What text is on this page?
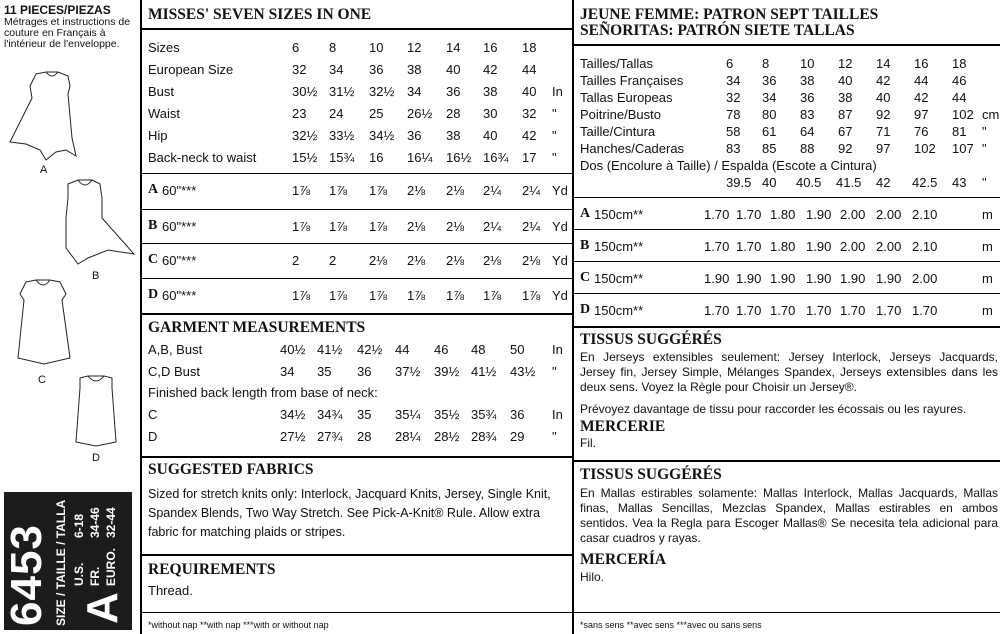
11 PIECES/PIEZAS
Métrages et instructions de couture en Français à l'intérieur de l'enveloppe.
A
B
C
D
6453 SIZE / TAILLE / TALLA A
U.S.
6-18
FR.
34-46
EURO.
32-44
MISSES' SEVEN SIZES IN ONE
Sizes	6 8	10 12 14 16 18
European Size	32 34 36 38 40 42 44
Bust	30½ 31½ 32½ 34 36 38 40 In
Waist	23 24 25 26½ 28 30 32 "
Hip	32½ 33½ 34½ 36 38 40 42 "
Back-neck to waist	15½ 15¾ 16 16¼ 16½ 16¾ 17 "
A 60"***	1⅞ 1⅞ 1⅞ 2⅛ 2⅛ 2¼ 2¼ Yd
B 60"***	1⅞ 1⅞ 1⅞ 2⅛ 2⅛ 2¼ 2¼ Yd
C 60"***	2 2	2⅛ 2⅛ 2⅛ 2⅛ 2⅛ Yd
D 60"***	1⅞ 1⅞ 1⅞ 1⅞ 1⅞ 1⅞ 1⅞ Yd
GARMENT MEASUREMENTS
A,B, Bust	40½ 41½ 42½ 44 46 48 50 In
C,D Bust	34 35 36 37½ 39½ 41½ 43½ "
Finished back length from base of neck:
C	34½ 34¾ 35 35¼ 35½ 35¾ 36 In
D	27½ 27¾ 28 28¼ 28½ 28¾ 29 "
SUGGESTED FABRICS
Sized for stretch knits only: Interlock, Jacquard Knits, Jersey, Single Knit, Spandex Blends, Two Way Stretch. See Pick-A-Knit® Rule. Allow extra fabric for matching plaids or stripes.
REQUIREMENTS
Thread.
*without nap **with nap ***with or without nap
JEUNE FEMME: PATRON SEPT TAILLES
SEÑORITAS: PATRÓN SIETE TALLAS
Tailles/Tallas	6 8 10 12 14 16 18
Tailles Françaises	34 36 38 40 42 44 46
Tallas Europeas	32 34 36 38 40 42 44
Poitrine/Busto	78 80 83 87 92 97 102 cm
Taille/Cintura	58 61 64 67 71 76 81 "
Hanches/Caderas	83 85 88 92 97 102 107 "
Dos (Encolure à Taille) / Espalda (Escote a Cintura)
39.5 40 40.5 41.5 42 42.5 43 "
A 150cm**	1.70 1.70 1.80 1.90 2.00 2.00 2.10	m
B 150cm**	1.70 1.70 1.80 1.90 2.00 2.00 2.10	m
C 150cm**	1.90 1.90 1.90 1.90 1.90 1.90 2.00	m
D 150cm**	1.70 1.70 1.70 1.70 1.70 1.70 1.70	m
TISSUS SUGGÉRÉS
En Jerseys extensibles seulement: Jersey Interlock, Jerseys Jacquards, Jersey fin, Jersey Simple, Mélanges Spandex, Jerseys extensibles dans les deux sens. Voyez la Règle pour Choisir un Jersey®.
Prévoyez davantage de tissu pour raccorder les écossais ou les rayures.
MERCERIE
Fil.
TISSUS SUGGÉRÉS
En Mallas estirables solamente: Mallas Interlock, Mallas Jacquards, Mallas finas, Mallas Sencillas, Mezclas Spandex, Mallas estirables en ambos sentidos. Vea la Regla para Escoger Mallas® Se necesita tela adicional para casar cuadros y rayas.
MERCERÍA
Hilo.
*sans sens **avec sens ***avec ou sans sens
